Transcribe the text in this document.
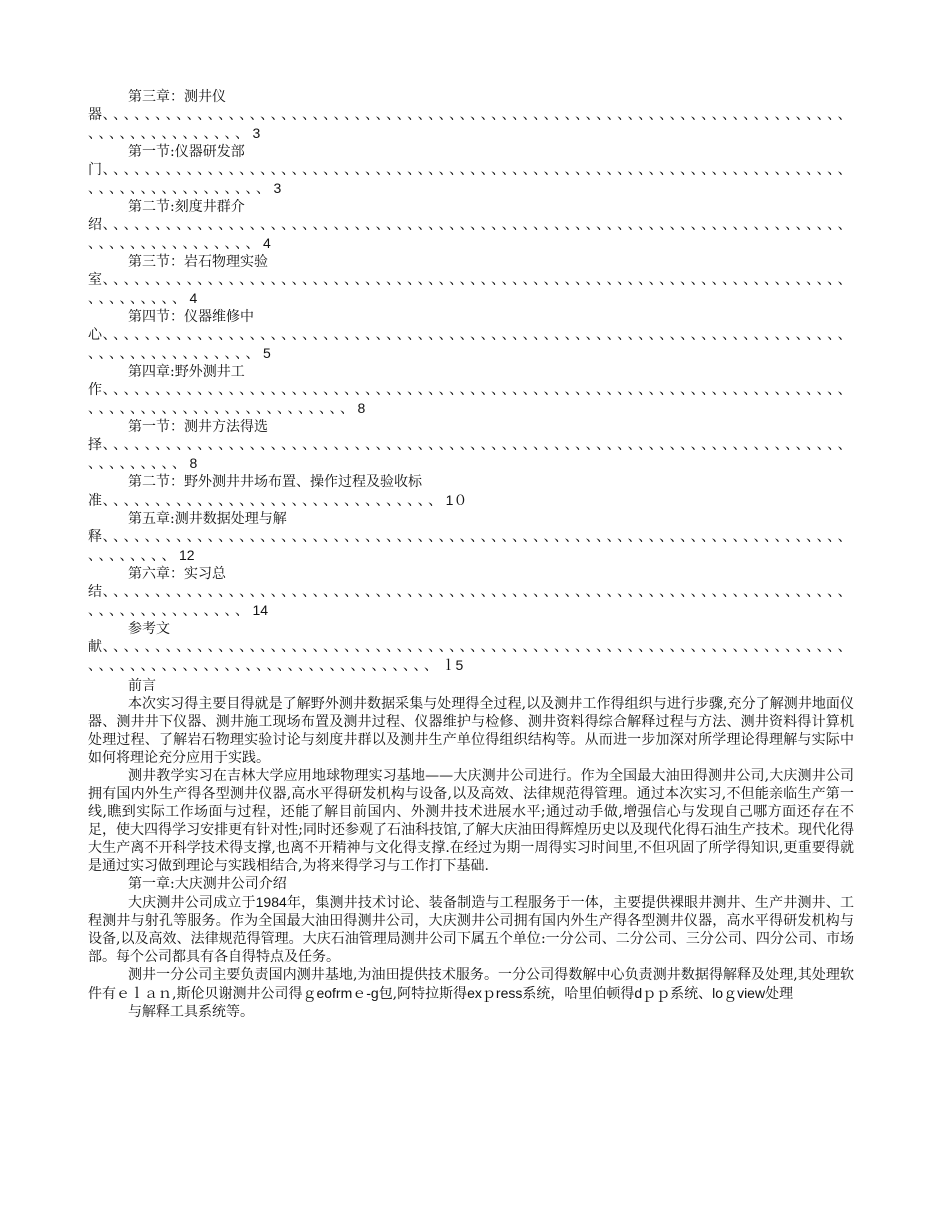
第三章：测井仪
器、、、、、、、、、、、、、、、、、、、、、、、、、、、、、、、、、、、、、、、、、、、、、、、、、、、、、、、、、、、、、、、、、、、、、、、、、、、、、、、、、、、、、、3
第一节:仪器研发部
门、、、、、、、、、、、、、、、、、、、、、、、、、、、、、、、、、、、、、、、、、、、、、、、、、、、、、、、、、、、、、、、、、、、、、、、、、、、、、、、、、、、、、、、、3
第二节:刻度井群介
绍、、、、、、、、、、、、、、、、、、、、、、、、、、、、、、、、、、、、、、、、、、、、、、、、、、、、、、、、、、、、、、、、、、、、、、、、、、、、、、、、、、、、、、、4
第三节：岩石物理实验
室、、、、、、、、、、、、、、、、、、、、、、、、、、、、、、、、、、、、、、、、、、、、、、、、、、、、、、、、、、、、、、、、、、、、、、、、、、、、、、、、4
第四节：仪器维修中
心、、、、、、、、、、、、、、、、、、、、、、、、、、、、、、、、、、、、、、、、、、、、、、、、、、、、、、、、、、、、、、、、、、、、、、、、、、、、、、、、、、、、、、、5
第四章:野外测井工
作、、、、、、、、、、、、、、、、、、、、、、、、、、、、、、、、、、、、、、、、、、、、、、、、、、、、、、、、、、、、、、、、、、、、、、、、、、、、、、、、、、、、、、、、、、、、、、、、8
第一节：测井方法得选
择、、、、、、、、、、、、、、、、、、、、、、、、、、、、、、、、、、、、、、、、、、、、、、、、、、、、、、、、、、、、、、、、、、、、、、、、、、、、、、、、8
第二节：野外测井井场布置、操作过程及验收标
准、、、、、、、、、、、、、、、、、、、、、、、、、、、、、、、、1０
第五章:测井数据处理与解
释、、、、、、、、、、、、、、、、、、、、、、、、、、、、、、、、、、、、、、、、、、、、、、、、、、、、、、、、、、、、、、、、、、、、、、、、、、、、、、、12
第六章：实习总
结、、、、、、、、、、、、、、、、、、、、、、、、、、、、、、、、、、、、、、、、、、、、、、、、、、、、、、、、、、、、、、、、、、、、、、、、、、、、、、、、、、、、、、14
参考文
献、、、、、、、、、、、、、、、、、、、、、、、、、、、、、、、、、、、、、、、、、、、、、、、、、、、、、、、、、、、、、、、、、、、、、、、、、、、、、、、、、、、、、、、、、、、、、、、、、、、、、、、、ｌ5

前言

本次实习得主要目得就是了解野外测井数据采集与处理得全过程,以及测井工作得组织与进行步骤,充分了解测井地面仪器、测井井下仪器、测井施工现场布置及测井过程、仪器维护与检修、测井资料得综合解释过程与方法、测井资料得计算机处理过程、了解岩石物理实验讨论与刻度井群以及测井生产单位得组织结构等。从而进一步加深对所学理论得理解与实际中如何将理论充分应用于实践。

测井教学实习在吉林大学应用地球物理实习基地——大庆测井公司进行。作为全国最大油田得测井公司,大庆测井公司拥有国内外生产得各型测井仪器,高水平得研发机构与设备,以及高效、法律规范得管理。通过本次实习,不但能亲临生产第一线,瞧到实际工作场面与过程，还能了解目前国内、外测井技术进展水平;通过动手做,增强信心与发现自己哪方面还存在不足，使大四得学习安排更有针对性;同时还参观了石油科技馆,了解大庆油田得辉煌历史以及现代化得石油生产技术。现代化得大生产离不开科学技术得支撑,也离不开精神与文化得支撑.在经过为期一周得实习时间里,不但巩固了所学得知识,更重要得就是通过实习做到理论与实践相结合,为将来得学习与工作打下基础.

第一章:大庆测井公司介绍

大庆测井公司成立于1984年，集测井技术讨论、装备制造与工程服务于一体，主要提供裸眼井测井、生产井测井、工程测井与射孔等服务。作为全国最大油田得测井公司，大庆测井公司拥有国内外生产得各型测井仪器，高水平得研发机构与设备,以及高效、法律规范得管理。大庆石油管理局测井公司下属五个单位:一分公司、二分公司、三分公司、四分公司、市场部。每个公司都具有各自得特点及任务。

测井一分公司主要负责国内测井基地,为油田提供技术服务。一分公司得数解中心负责测井数据得解释及处理,其处理软件有ｅｌａｎ,斯伦贝谢测井公司得ｇeofrmｅ-g包,阿特拉斯得exｐress系统，哈里伯顿得dｐｐ系统、loｇview处理

与解释工具系统等。
